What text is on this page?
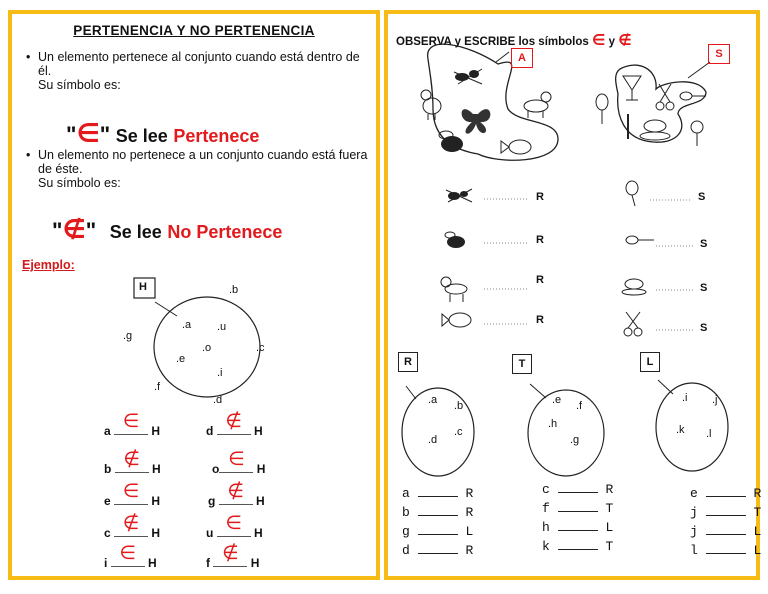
PERTENENCIA Y NO PERTENENCIA
• Un elemento pertenece al conjunto cuando está dentro de él.
Su símbolo es:
"∈" Se lee Pertenece
• Un elemento no pertenece a un conjunto cuando está fuera de éste.
Su símbolo es:
"∉" Se lee No Pertenece
Ejemplo:
H
.a .u
.o
.e
.i
.b
.g
.c
.f
.d
a ∈	H	d ∉	H
b ∉	H	o ∈	H
e ∈	H	g ∉	H
c ∉	H	u ∈	H
i ∈	H	f ∉	H
OBSERVA y ESCRIBE los símbolos ∈ y ∉
A	S
R
R
R
R
S
S
S
S
R	T	L
.a .b
.c
.d
.e .f
.h
.g
.i .j
.k .l
a	R
b	R
g	L
d	R
c	R
f	T
h	L
k	T
e	R
j	T
j	L
l	L
